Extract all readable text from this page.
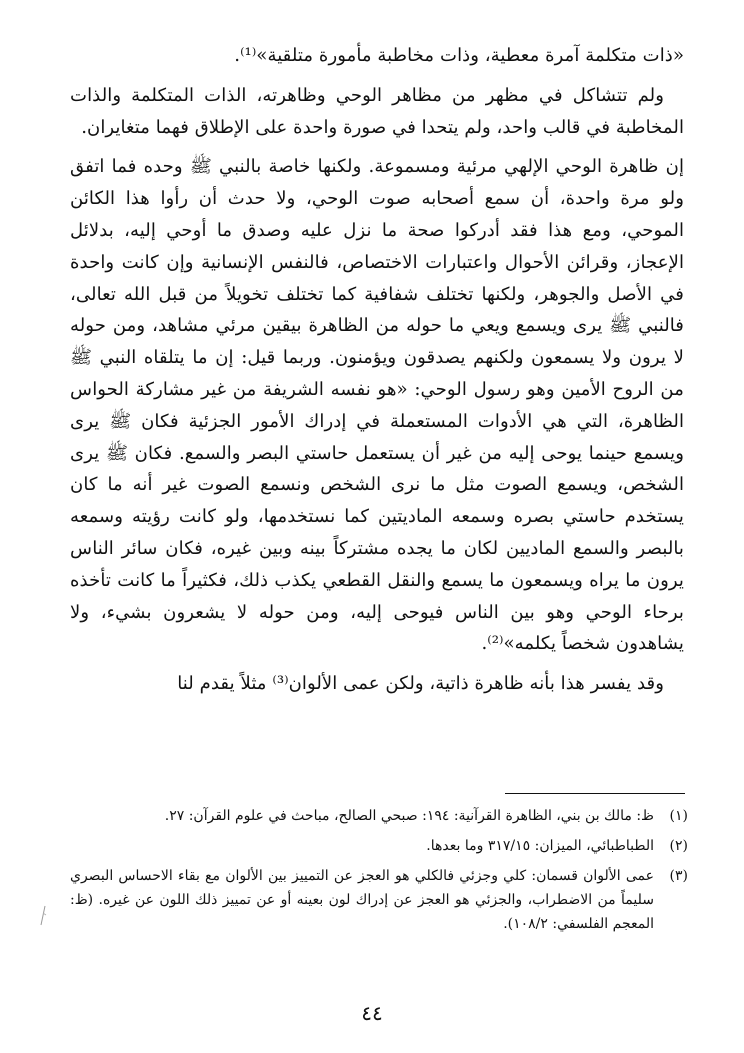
«ذات متكلمة آمرة معطية، وذات مخاطبة مأمورة متلقية»⁽¹⁾.

ولم تتشاكل في مظهر من مظاهر الوحي وظاهرته، الذات المتكلمة والذات المخاطبة في قالب واحد، ولم يتحدا في صورة واحدة على الإطلاق فهما متغايران.

إن ظاهرة الوحي الإلهي مرئية ومسموعة. ولكنها خاصة بالنبي ﷺ وحده فما اتفق ولو مرة واحدة، أن سمع أصحابه صوت الوحي، ولا حدث أن رأوا هذا الكائن الموحي، ومع هذا فقد أدركوا صحة ما نزل عليه وصدق ما أوحي إليه، بدلائل الإعجاز، وقرائن الأحوال واعتبارات الاختصاص، فالنفس الإنسانية وإن كانت واحدة في الأصل والجوهر، ولكنها تختلف شفافية كما تختلف تخويلاً من قبل الله تعالى، فالنبي ﷺ يرى ويسمع ويعي ما حوله من الظاهرة بيقين مرئي مشاهد، ومن حوله لا يرون ولا يسمعون ولكنهم يصدقون ويؤمنون. وربما قيل: إن ما يتلقاه النبي ﷺ من الروح الأمين وهو رسول الوحي: «هو نفسه الشريفة من غير مشاركة الحواس الظاهرة، التي هي الأدوات المستعملة في إدراك الأمور الجزئية فكان ﷺ يرى ويسمع حينما يوحى إليه من غير أن يستعمل حاستي البصر والسمع. فكان ﷺ يرى الشخص، ويسمع الصوت مثل ما نرى الشخص ونسمع الصوت غير أنه ما كان يستخدم حاستي بصره وسمعه الماديتين كما نستخدمها، ولو كانت رؤيته وسمعه بالبصر والسمع الماديين لكان ما يجده مشتركاً بينه وبين غيره، فكان سائر الناس يرون ما يراه ويسمعون ما يسمع والنقل القطعي يكذب ذلك، فكثيراً ما كانت تأخذه برحاء الوحي وهو بين الناس فيوحى إليه، ومن حوله لا يشعرون بشيء، ولا يشاهدون شخصاً يكلمه»⁽²⁾.

وقد يفسر هذا بأنه ظاهرة ذاتية، ولكن عمى الألوان⁽³⁾ مثلاً يقدم لنا

(١)
ظ: مالك بن بني، الظاهرة القرآنية: ١٩٤: صبحي الصالح، مباحث في علوم القرآن: ٢٧.
(٢)
الطباطبائي، الميزان: ٣١٧/١٥ وما بعدها.
(٣)
عمى الألوان قسمان: كلي وجزئي فالكلي هو العجز عن التمييز بين الألوان مع بقاء الاحساس البصري سليماً من الاضطراب، والجزئي هو العجز عن إدراك لون بعينه أو عن تمييز ذلك اللون عن غيره. (ظ: المعجم الفلسفي: ١٠٨/٢).
٤٤
